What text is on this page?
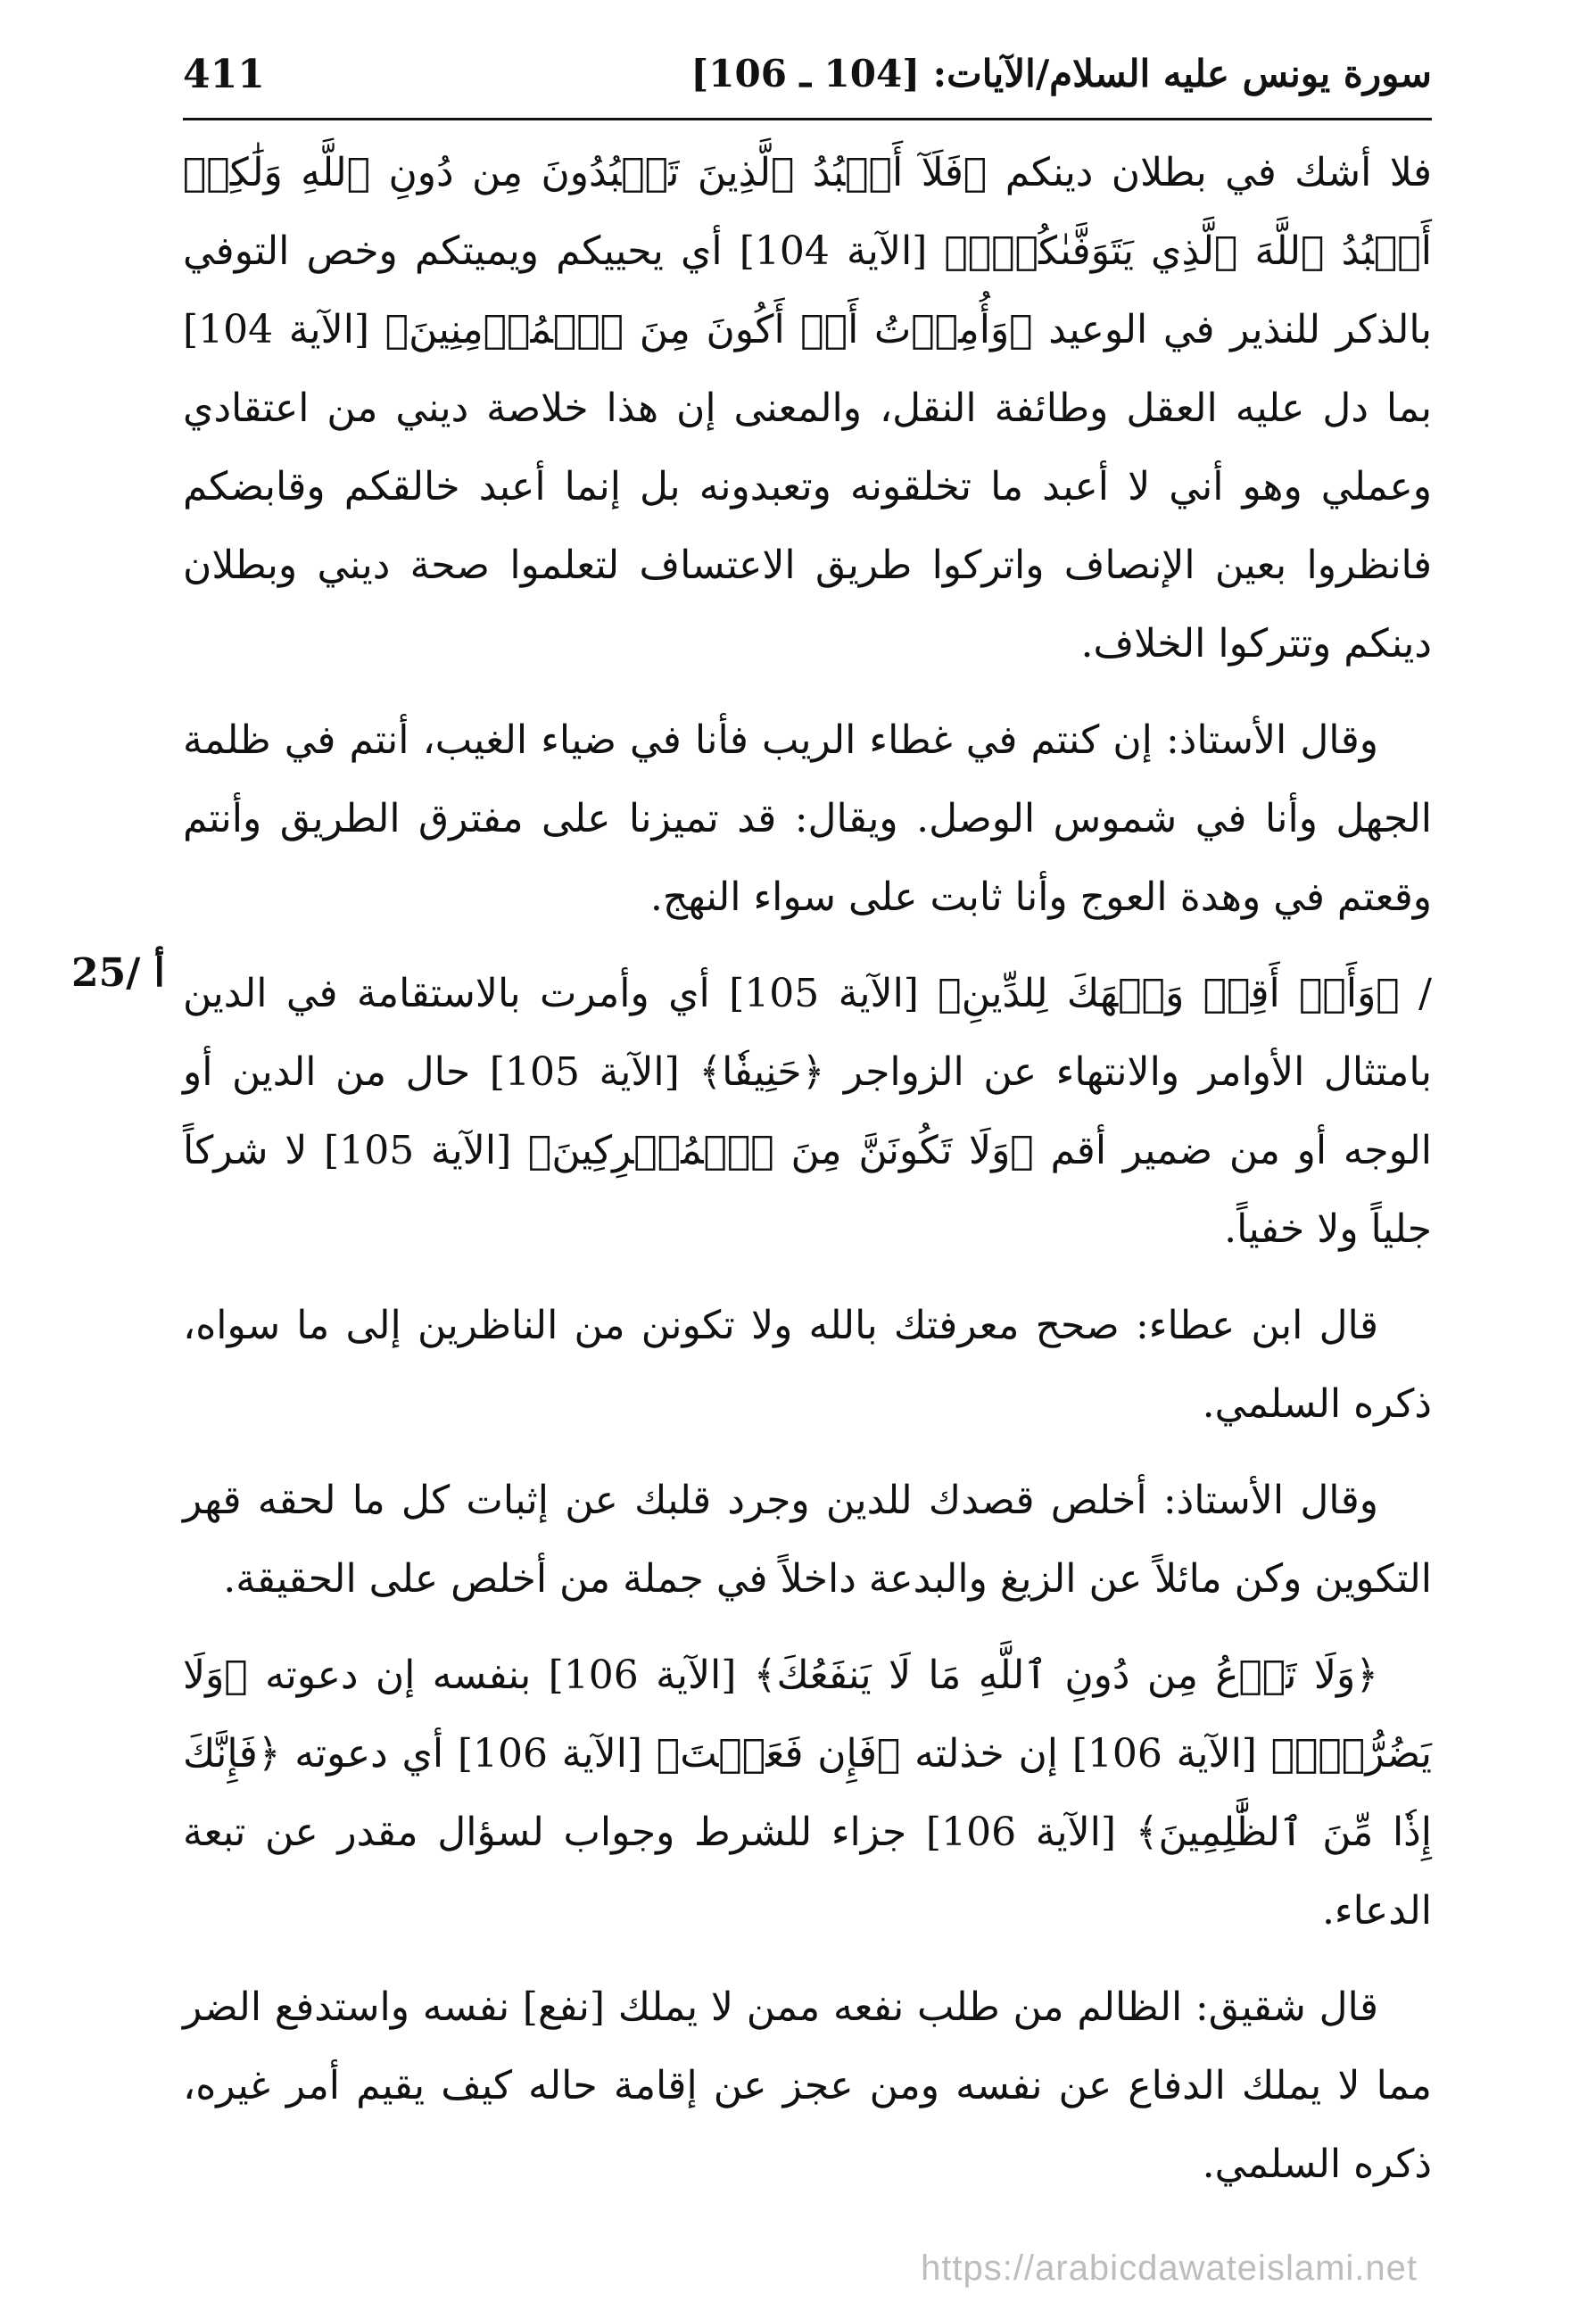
411	سورة يونس عليه السلام/الآيات: [104 ـ 106]
25/ أ

فلا أشك في بطلان دينكم ﴿فَلَآ أَعۡبُدُ ٱلَّذِينَ تَعۡبُدُونَ مِن دُونِ ٱللَّهِ وَلَٰكِنۡ أَعۡبُدُ ٱللَّهَ ٱلَّذِي يَتَوَفَّىٰكُمۡۖ﴾ [الآية 104] أي يحييكم ويميتكم وخص التوفي بالذكر للنذير في الوعيد ﴿وَأُمِرۡتُ أَنۡ أَكُونَ مِنَ ٱلۡمُؤۡمِنِينَ﴾ [الآية 104] بما دل عليه العقل وطائفة النقل، والمعنى إن هذا خلاصة ديني من اعتقادي وعملي وهو أني لا أعبد ما تخلقونه وتعبدونه بل إنما أعبد خالقكم وقابضكم فانظروا بعين الإنصاف واتركوا طريق الاعتساف لتعلموا صحة ديني وبطلان دينكم وتتركوا الخلاف.

وقال الأستاذ: إن كنتم في غطاء الريب فأنا في ضياء الغيب، أنتم في ظلمة الجهل وأنا في شموس الوصل. ويقال: قد تميزنا على مفترق الطريق وأنتم وقعتم في وهدة العوج وأنا ثابت على سواء النهج.

/ ﴿وَأَنۡ أَقِمۡ وَجۡهَكَ لِلدِّينِ﴾ [الآية 105] أي وأمرت بالاستقامة في الدين بامتثال الأوامر والانتهاء عن الزواجر ﴿حَنِيفٗا﴾ [الآية 105] حال من الدين أو الوجه أو من ضمير أقم ﴿وَلَا تَكُونَنَّ مِنَ ٱلۡمُشۡرِكِينَ﴾ [الآية 105] لا شركاً جلياً ولا خفياً.

قال ابن عطاء: صحح معرفتك بالله ولا تكونن من الناظرين إلى ما سواه، ذكره السلمي.

وقال الأستاذ: أخلص قصدك للدين وجرد قلبك عن إثبات كل ما لحقه قهر التكوين وكن مائلاً عن الزيغ والبدعة داخلاً في جملة من أخلص على الحقيقة.

﴿وَلَا تَدۡعُ مِن دُونِ ٱللَّهِ مَا لَا يَنفَعُكَ﴾ [الآية 106] بنفسه إن دعوته ﴿وَلَا يَضُرُّكَۖ﴾ [الآية 106] إن خذلته ﴿فَإِن فَعَلۡتَ﴾ [الآية 106] أي دعوته ﴿فَإِنَّكَ إِذٗا مِّنَ ٱلظَّٰلِمِينَ﴾ [الآية 106] جزاء للشرط وجواب لسؤال مقدر عن تبعة الدعاء.

قال شقيق: الظالم من طلب نفعه ممن لا يملك [نفع] نفسه واستدفع الضر مما لا يملك الدفاع عن نفسه ومن عجز عن إقامة حاله كيف يقيم أمر غيره، ذكره السلمي.

https://arabicdawateislami.net
